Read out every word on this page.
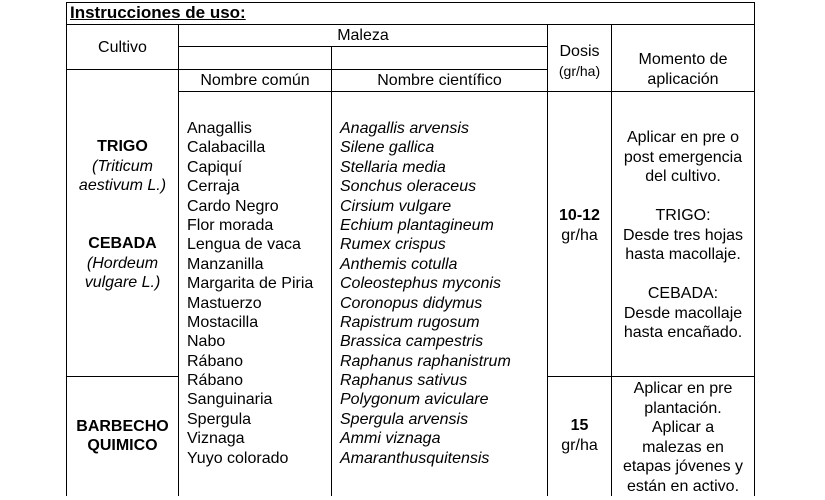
Instrucciones de uso:
Cultivo
Maleza
Nombre común	Nombre científico
Dosis
(gr/ha)
Momento de
aplicación
TRIGO
(Triticum
aestivum L.)
CEBADA
(Hordeum
vulgare L.)
BARBECHO
QUIMICO
Anagallis
Calabacilla
Capiquí
Cerraja
Cardo Negro
Flor morada
Lengua de vaca
Manzanilla
Margarita de Piria
Mastuerzo
Mostacilla
Nabo
Rábano
Rábano
Sanguinaria
Spergula
Viznaga
Yuyo colorado
Anagallis arvensis
Silene gallica
Stellaria media
Sonchus oleraceus
Cirsium vulgare
Echium plantagineum
Rumex crispus
Anthemis cotulla
Coleostephus myconis
Coronopus didymus
Rapistrum rugosum
Brassica campestris
Raphanus raphanistrum
Raphanus sativus
Polygonum aviculare
Spergula arvensis
Ammi viznaga
Amaranthusquitensis
10-12
gr/ha
15
gr/ha
Aplicar en pre o
post emergencia
del cultivo.
TRIGO:
Desde tres hojas
hasta macollaje.
CEBADA:
Desde macollaje
hasta encañado.
Aplicar en pre
plantación.
Aplicar a
malezas en
etapas jóvenes y
están en activo.
